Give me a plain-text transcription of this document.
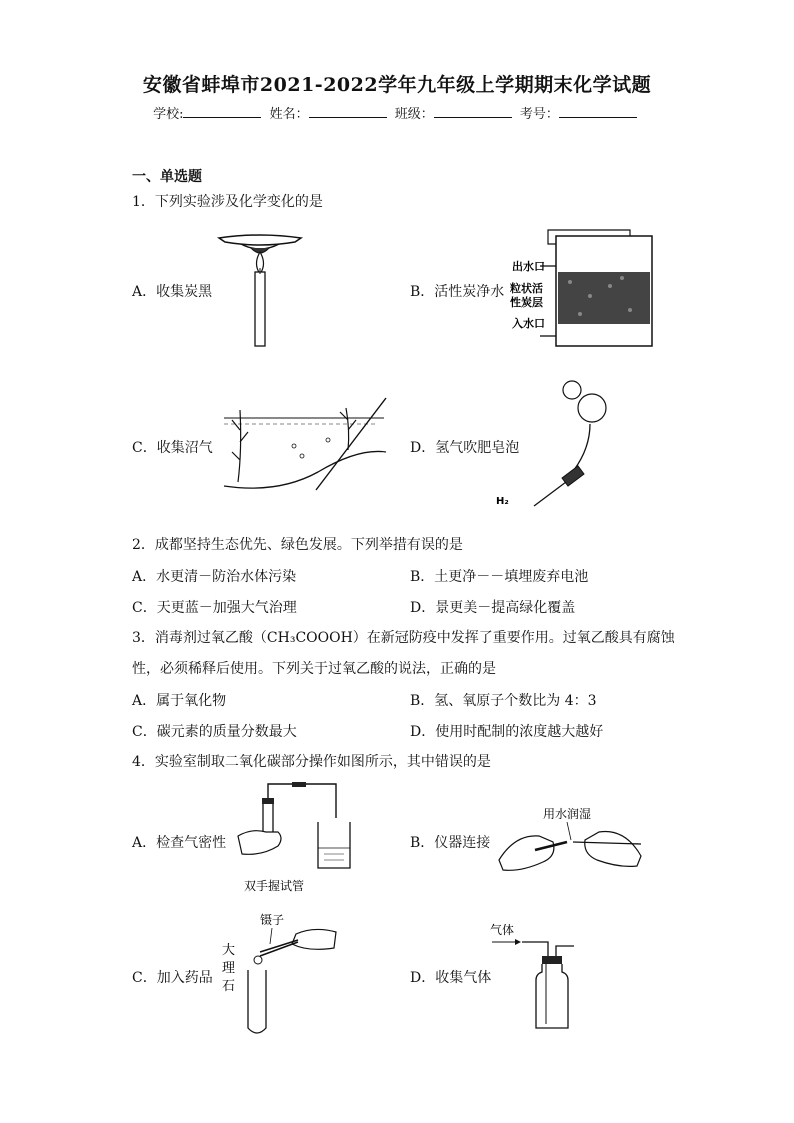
安徽省蚌埠市2021-2022学年九年级上学期期末化学试题
学校:	姓名：	班级：	考号：
一、单选题
1．下列实验涉及化学变化的是
A．收集炭黑	B．活性炭净水
出水口
粒状活
性炭层
入水口
C．收集沼气	D．氢气吹肥皂泡
H₂
2．成都坚持生态优先、绿色发展。下列举措有误的是
A．水更清－防治水体污染	B．土更净－－填埋废弃电池
C．天更蓝－加强大气治理	D．景更美－提高绿化覆盖
3．消毒剂过氧乙酸（CH₃COOOH）在新冠防疫中发挥了重要作用。过氧乙酸具有腐蚀
性，必须稀释后使用。下列关于过氧乙酸的说法，正确的是
A．属于氧化物	B．氢、氧原子个数比为 4：3
C．碳元素的质量分数最大	D．使用时配制的浓度越大越好
4．实验室制取二氧化碳部分操作如图所示，其中错误的是
A．检查气密性
双手握试管
B．仪器连接
用水润湿
C．加入药品
镊子
大
理
石
D．收集气体
气体
